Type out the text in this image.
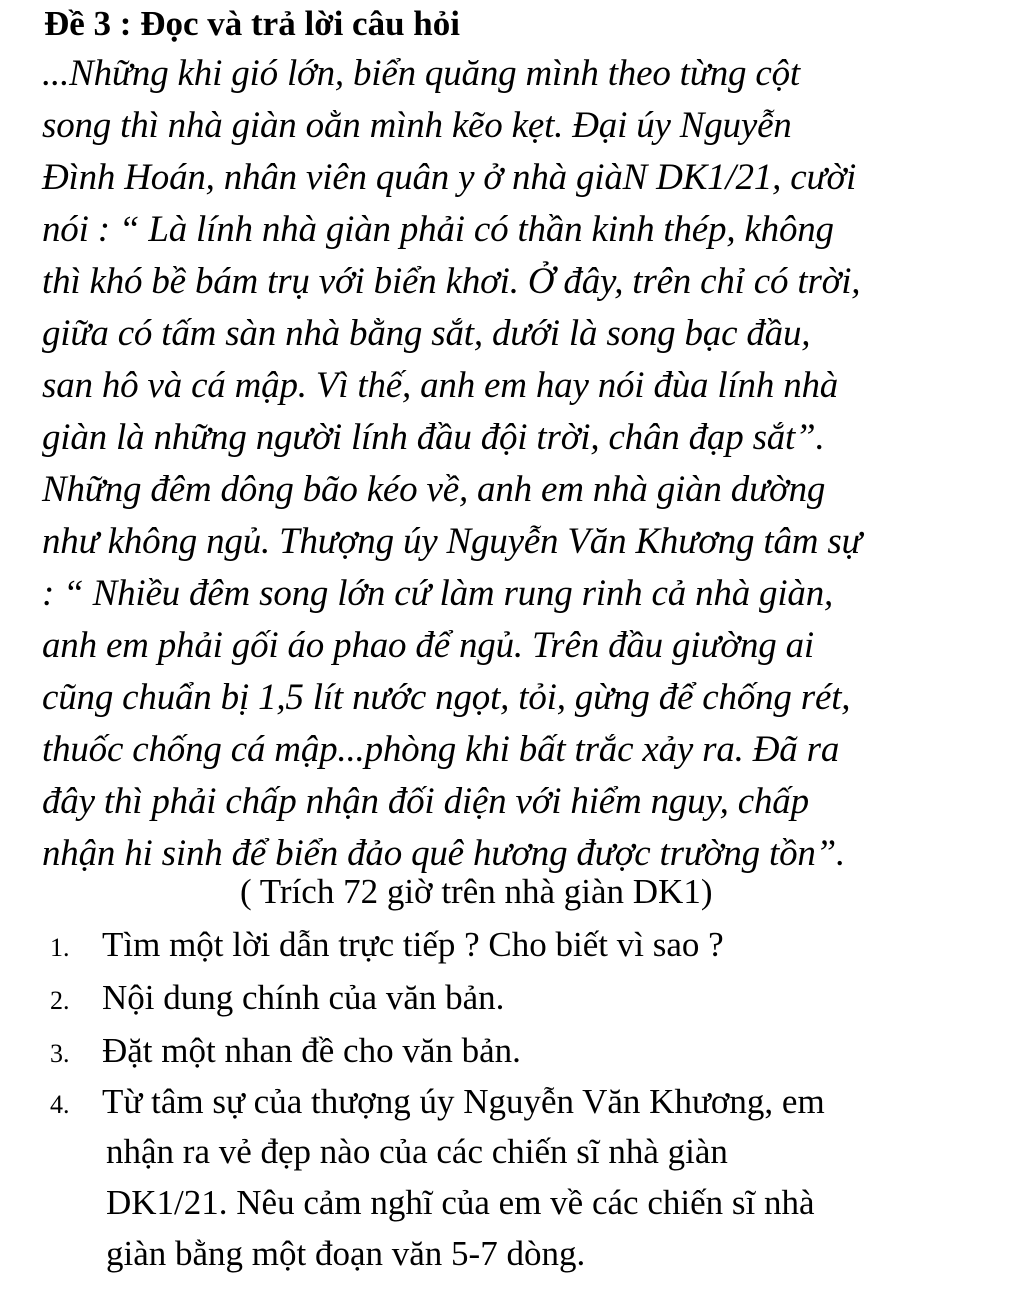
Đề 3 : Đọc và trả lời câu hỏi
...Những khi gió lớn, biển quăng mình theo từng cột
song thì nhà giàn oằn mình kẽo kẹt. Đại úy Nguyễn
Đình Hoán, nhân viên quân y ở nhà giàN DK1/21, cười
nói : “ Là lính nhà giàn phải có thần kinh thép, không
thì khó bề bám trụ với biển khơi. Ở đây, trên chỉ có trời,
giữa có tấm sàn nhà bằng sắt, dưới là song bạc đầu,
san hô và cá mập. Vì thế, anh em hay nói đùa lính nhà
giàn là những người lính đầu đội trời, chân đạp sắt”.
Những đêm dông bão kéo về, anh em nhà giàn dường
như không ngủ. Thượng úy Nguyễn Văn Khương tâm sự
: “ Nhiều đêm song lớn cứ làm rung rinh cả nhà giàn,
anh em phải gối áo phao để ngủ. Trên đầu giường ai
cũng chuẩn bị 1,5 lít nước ngọt, tỏi, gừng để chống rét,
thuốc chống cá mập...phòng khi bất trắc xảy ra. Đã ra
đây thì phải chấp nhận đối diện với hiểm nguy, chấp
nhận hi sinh để biển đảo quê hương được trường tồn”.
( Trích 72 giờ trên nhà giàn DK1)
1. Tìm một lời dẫn trực tiếp ? Cho biết vì sao ?
2. Nội dung chính của văn bản.
3. Đặt một nhan đề cho văn bản.
4. Từ tâm sự của thượng úy Nguyễn Văn Khương, em
nhận ra vẻ đẹp nào của các chiến sĩ nhà giàn
DK1/21. Nêu cảm nghĩ của em về các chiến sĩ nhà
giàn bằng một đoạn văn 5-7 dòng.
